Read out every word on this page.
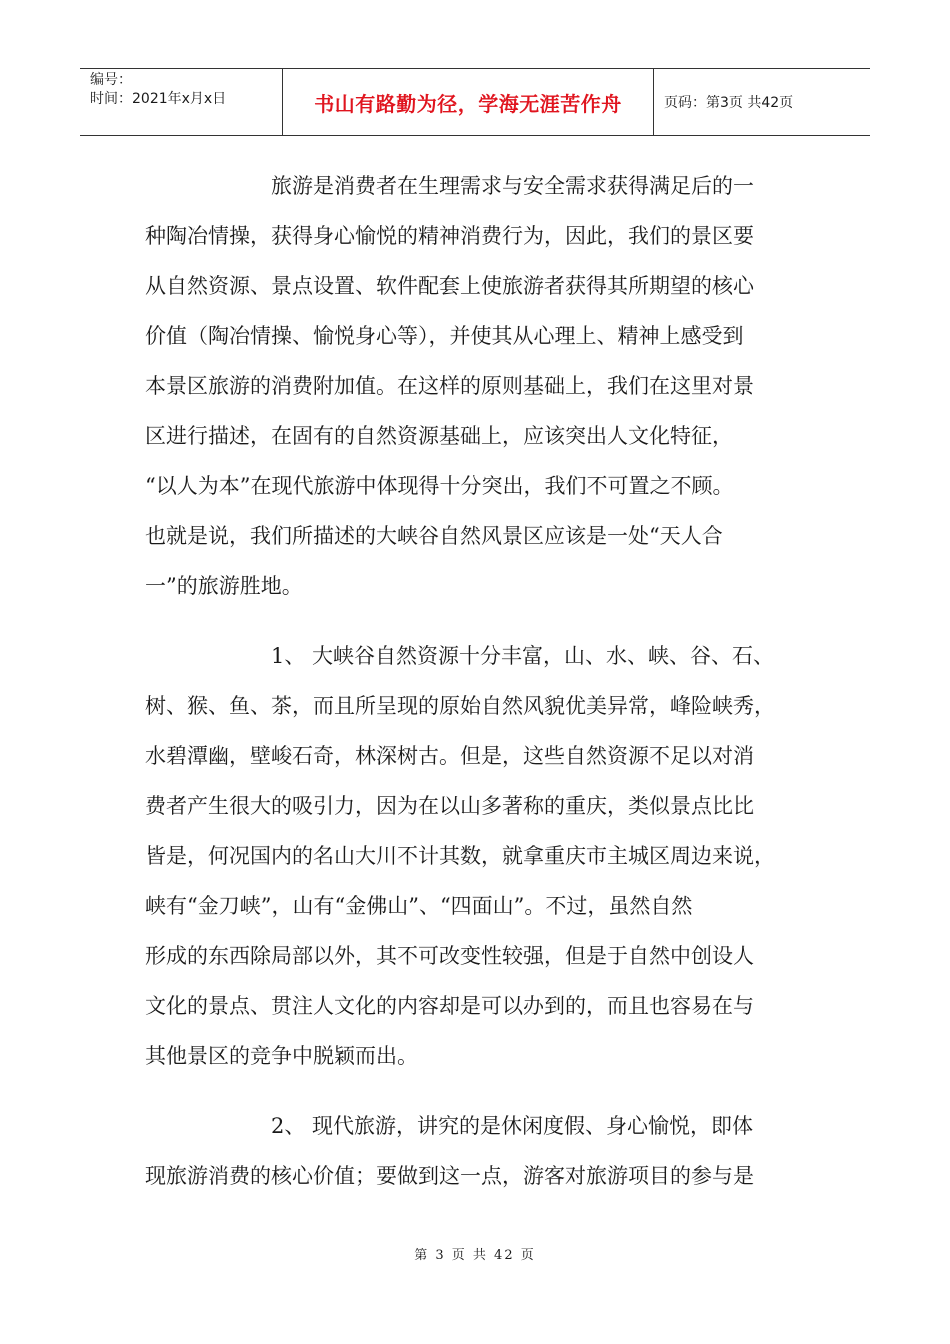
编号：
时间：2021年x月x日	书山有路勤为径，学海无涯苦作舟	页码：第3页 共42页
　　　　　　旅游是消费者在生理需求与安全需求获得满足后的一
种陶冶情操，获得身心愉悦的精神消费行为，因此，我们的景区要
从自然资源、景点设置、软件配套上使旅游者获得其所期望的核心
价值（陶冶情操、愉悦身心等），并使其从心理上、精神上感受到
本景区旅游的消费附加值。在这样的原则基础上，我们在这里对景
区进行描述，在固有的自然资源基础上，应该突出人文化特征，
“以人为本”在现代旅游中体现得十分突出，我们不可置之不顾。
也就是说，我们所描述的大峡谷自然风景区应该是一处“天人合
一”的旅游胜地。
　　　　　　1、 大峡谷自然资源十分丰富，山、水、峡、谷、石、
树、猴、鱼、茶，而且所呈现的原始自然风貌优美异常，峰险峡秀，
水碧潭幽，壁峻石奇，林深树古。但是，这些自然资源不足以对消
费者产生很大的吸引力，因为在以山多著称的重庆，类似景点比比
皆是，何况国内的名山大川不计其数，就拿重庆市主城区周边来说，
峡有“金刀峡”，山有“金佛山”、“四面山”。不过，虽然自然
形成的东西除局部以外，其不可改变性较强，但是于自然中创设人
文化的景点、贯注人文化的内容却是可以办到的，而且也容易在与
其他景区的竞争中脱颖而出。
　　　　　　2、 现代旅游，讲究的是休闲度假、身心愉悦，即体
现旅游消费的核心价值；要做到这一点，游客对旅游项目的参与是
第 3 页 共 42 页
